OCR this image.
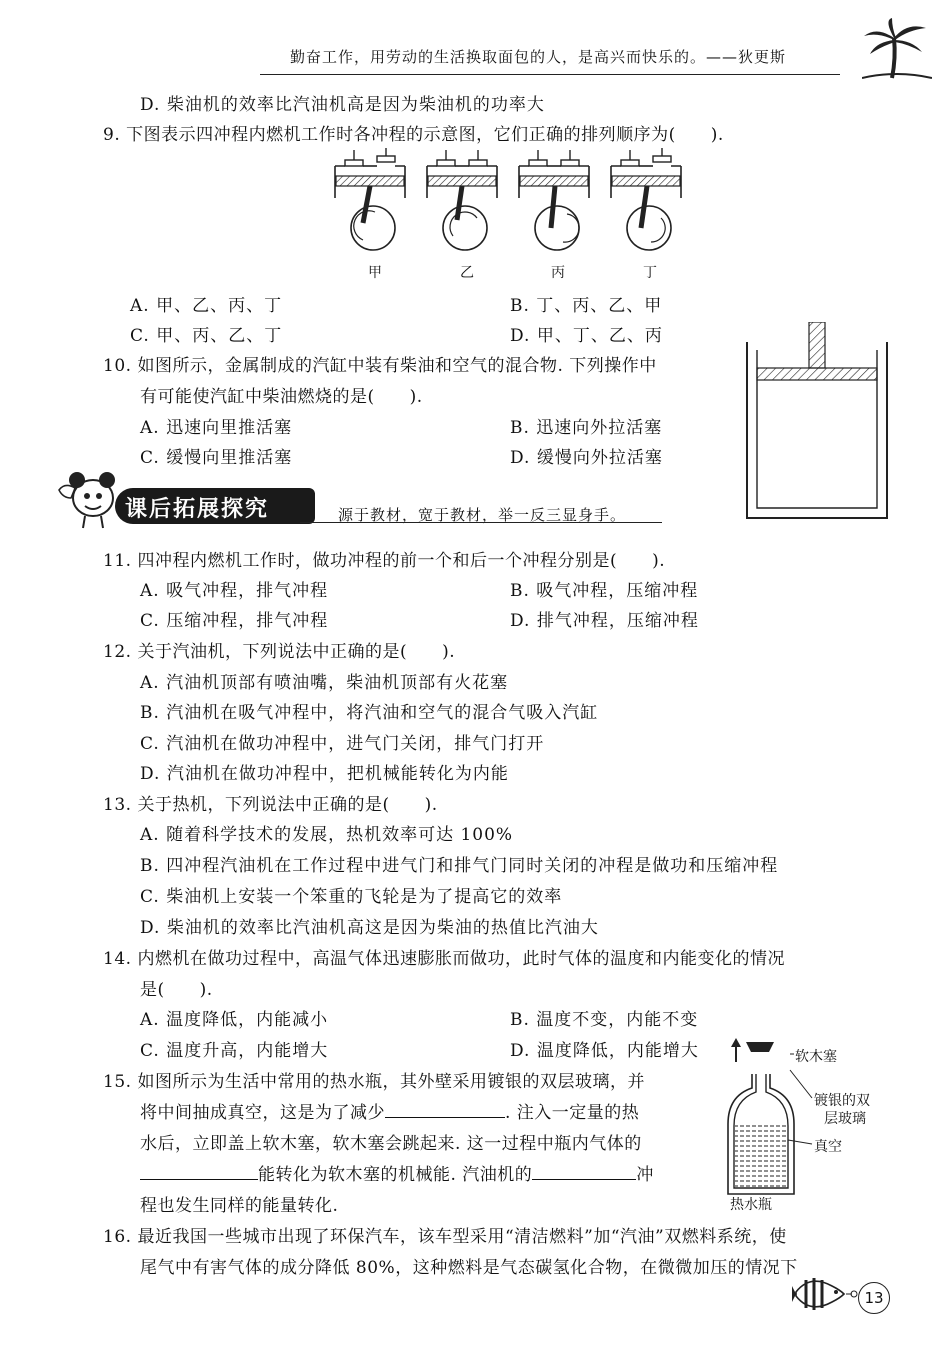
勤奋工作，用劳动的生活换取面包的人，是高兴而快乐的。——狄更斯
D. 柴油机的效率比汽油机高是因为柴油机的功率大
9. 下图表示四冲程内燃机工作时各冲程的示意图，它们正确的排列顺序为(　　).
甲	乙	丙	丁
A. 甲、乙、丙、丁	B. 丁、丙、乙、甲
C. 甲、丙、乙、丁	D. 甲、丁、乙、丙
10. 如图所示，金属制成的汽缸中装有柴油和空气的混合物. 下列操作中
有可能使汽缸中柴油燃烧的是(　　).
A. 迅速向里推活塞	B. 迅速向外拉活塞
C. 缓慢向里推活塞	D. 缓慢向外拉活塞
课后拓展探究	源于教材，宽于教材，举一反三显身手。
11. 四冲程内燃机工作时，做功冲程的前一个和后一个冲程分别是(　　).
A. 吸气冲程，排气冲程	B. 吸气冲程，压缩冲程
C. 压缩冲程，排气冲程	D. 排气冲程，压缩冲程
12. 关于汽油机，下列说法中正确的是(　　).
A. 汽油机顶部有喷油嘴，柴油机顶部有火花塞
B. 汽油机在吸气冲程中，将汽油和空气的混合气吸入汽缸
C. 汽油机在做功冲程中，进气门关闭，排气门打开
D. 汽油机在做功冲程中，把机械能转化为内能
13. 关于热机，下列说法中正确的是(　　).
A. 随着科学技术的发展，热机效率可达 100%
B. 四冲程汽油机在工作过程中进气门和排气门同时关闭的冲程是做功和压缩冲程
C. 柴油机上安装一个笨重的飞轮是为了提高它的效率
D. 柴油机的效率比汽油机高这是因为柴油的热值比汽油大
14. 内燃机在做功过程中，高温气体迅速膨胀而做功，此时气体的温度和内能变化的情况
是(　　).
A. 温度降低，内能减小	B. 温度不变，内能不变
C. 温度升高，内能增大	D. 温度降低，内能增大
15. 如图所示为生活中常用的热水瓶，其外壁采用镀银的双层玻璃，并
将中间抽成真空，这是为了减少	. 注入一定量的热
水后，立即盖上软木塞，软木塞会跳起来. 这一过程中瓶内气体的
能转化为软木塞的机械能. 汽油机的	冲
程也发生同样的能量转化.
软木塞
镀银的双
层玻璃
真空
热水瓶
16. 最近我国一些城市出现了环保汽车，该车型采用“清洁燃料”加“汽油”双燃料系统，使
尾气中有害气体的成分降低 80%，这种燃料是气态碳氢化合物，在微微加压的情况下
13
